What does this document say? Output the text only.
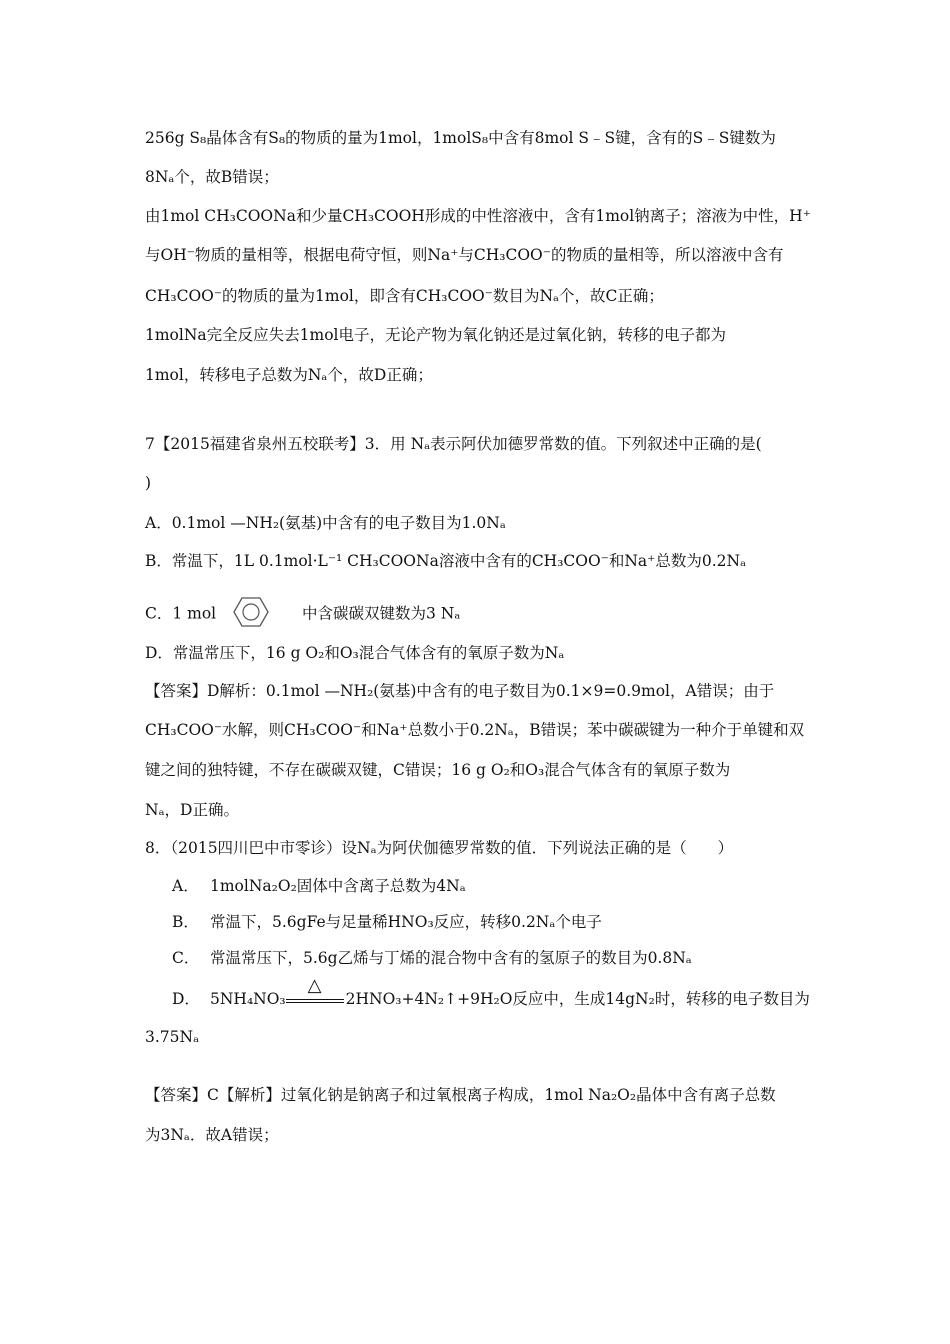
256g S₈晶体含有S₈的物质的量为1mol，1molS₈中含有8mol S﹣S键，含有的S﹣S键数为
8Nₐ个，故B错误；
由1mol CH₃COONa和少量CH₃COOH形成的中性溶液中，含有1mol钠离子；溶液为中性，H⁺
与OH⁻物质的量相等，根据电荷守恒，则Na⁺与CH₃COO⁻的物质的量相等，所以溶液中含有
CH₃COO⁻的物质的量为1mol，即含有CH₃COO⁻数目为Nₐ个，故C正确；
1molNa完全反应失去1mol电子，无论产物为氧化钠还是过氧化钠，转移的电子都为
1mol，转移电子总数为Nₐ个，故D正确；
7【2015福建省泉州五校联考】3．用 Nₐ表示阿伏加德罗常数的值。下列叙述中正确的是(
)
A．0.1mol —NH₂(氨基)中含有的电子数目为1.0Nₐ
B．常温下，1L 0.1mol·L⁻¹ CH₃COONa溶液中含有的CH₃COO⁻和Na⁺总数为0.2Nₐ
C．1 mol	中含碳碳双键数为3 Nₐ
D．常温常压下，16 g O₂和O₃混合气体含有的氧原子数为Nₐ
【答案】D解析：0.1mol —NH₂(氨基)中含有的电子数目为0.1×9=0.9mol，A错误；由于
CH₃COO⁻水解，则CH₃COO⁻和Na⁺总数小于0.2Nₐ，B错误；苯中碳碳键为一种介于单键和双
键之间的独特键，不存在碳碳双键，C错误；16 g O₂和O₃混合气体含有的氧原子数为
Nₐ，D正确。
8．（2015四川巴中市零诊）设Nₐ为阿伏伽德罗常数的值．下列说法正确的是（　　）
A． 1molNa₂O₂固体中含离子总数为4Nₐ
B． 常温下，5.6gFe与足量稀HNO₃反应，转移0.2Nₐ个电子
C． 常温常压下，5.6g乙烯与丁烯的混合物中含有的氢原子的数目为0.8Nₐ
D． 5NH₄NO₃
△
2HNO₃+4N₂↑+9H₂O反应中，生成14gN₂时，转移的电子数目为
3.75Nₐ
【答案】C【解析】过氧化钠是钠离子和过氧根离子构成，1mol Na₂O₂晶体中含有离子总数
为3Nₐ．故A错误；
